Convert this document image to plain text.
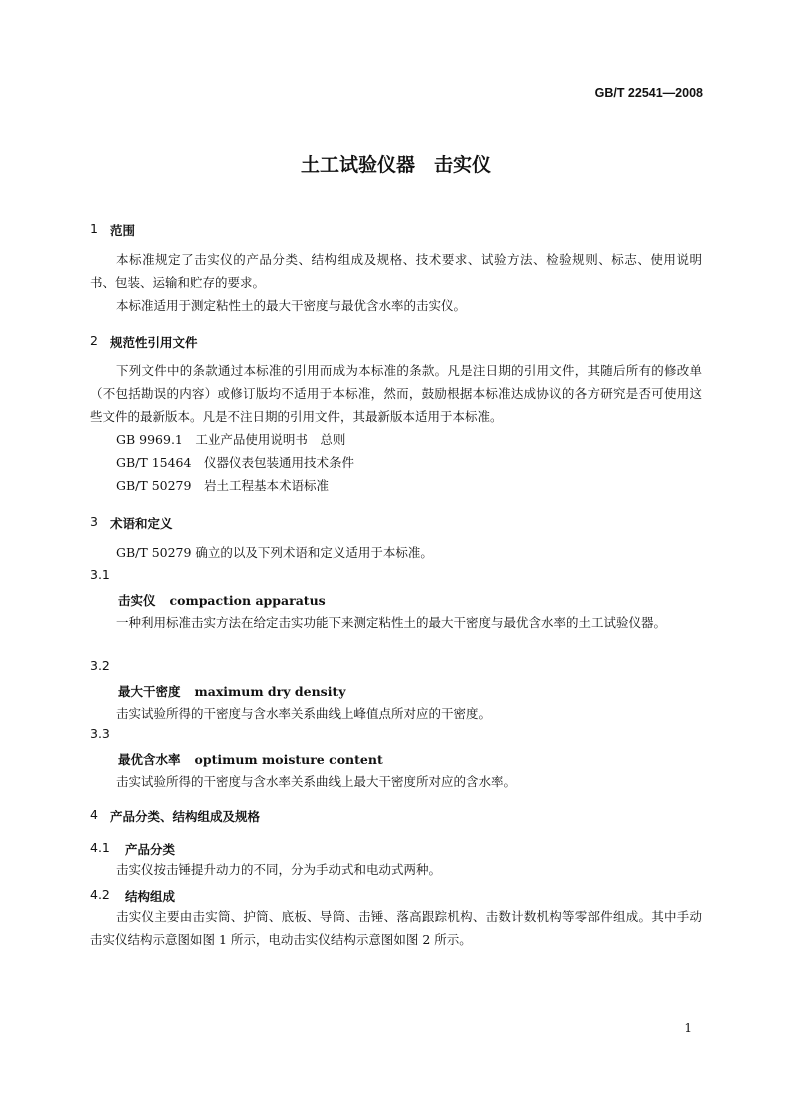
GB/T 22541—2008
土工试验仪器　击实仪
1 范围
本标准规定了击实仪的产品分类、结构组成及规格、技术要求、试验方法、检验规则、标志、使用说明书、包装、运输和贮存的要求。
本标准适用于测定粘性土的最大干密度与最优含水率的击实仪。
2 规范性引用文件
下列文件中的条款通过本标准的引用而成为本标准的条款。凡是注日期的引用文件，其随后所有的修改单（不包括勘误的内容）或修订版均不适用于本标准，然而，鼓励根据本标准达成协议的各方研究是否可使用这些文件的最新版本。凡是不注日期的引用文件，其最新版本适用于本标准。
GB 9969.1　 工业产品使用说明书　总则
GB/T 15464　 仪器仪表包装通用技术条件
GB/T 50279　 岩土工程基本术语标准
3 术语和定义
GB/T 50279 确立的以及下列术语和定义适用于本标准。
3.1
击实仪 compaction apparatus
一种利用标准击实方法在给定击实功能下来测定粘性土的最大干密度与最优含水率的土工试验仪器。
3.2
最大干密度 maximum dry density
击实试验所得的干密度与含水率关系曲线上峰值点所对应的干密度。
3.3
最优含水率 optimum moisture content
击实试验所得的干密度与含水率关系曲线上最大干密度所对应的含水率。
4 产品分类、结构组成及规格
4.1 产品分类
击实仪按击锤提升动力的不同，分为手动式和电动式两种。
4.2 结构组成
击实仪主要由击实筒、护筒、底板、导筒、击锤、落高跟踪机构、击数计数机构等零部件组成。其中手动击实仪结构示意图如图 1 所示，电动击实仪结构示意图如图 2 所示。
1
